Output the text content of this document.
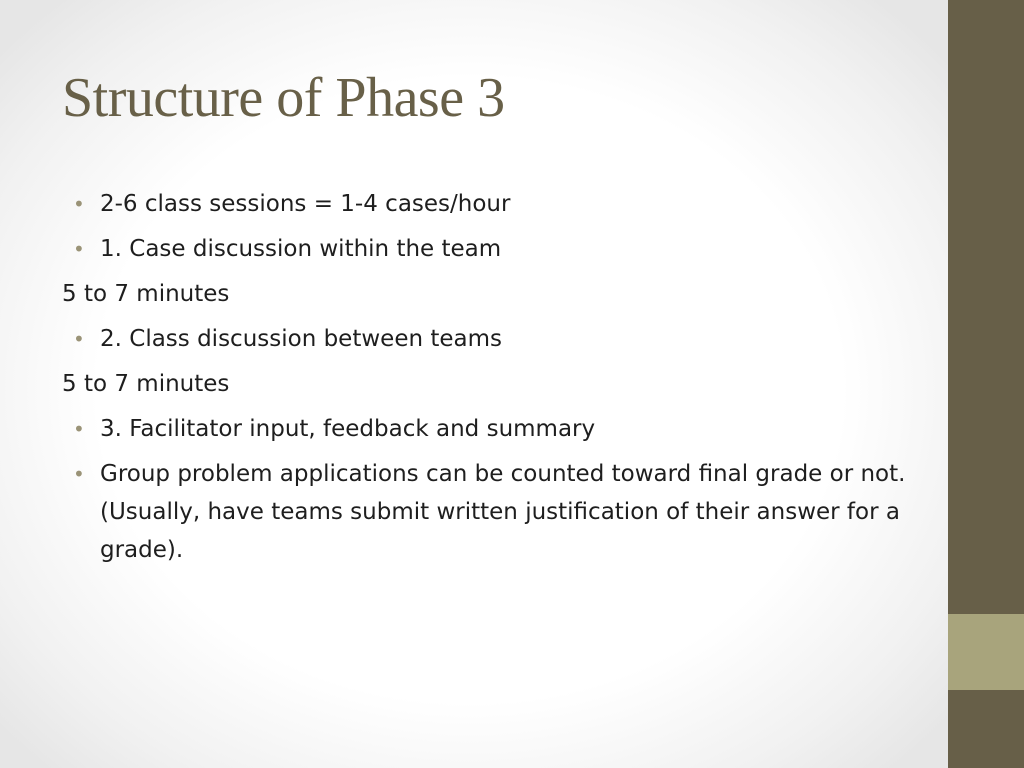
Structure of Phase 3
• 2-6 class sessions = 1-4 cases/hour
• 1. Case discussion within the team
5 to 7 minutes
• 2. Class discussion between teams
5 to 7 minutes
• 3. Facilitator input, feedback and summary
• Group problem applications can be counted toward final grade or not. (Usually, have teams submit written justification of their answer for a grade).
